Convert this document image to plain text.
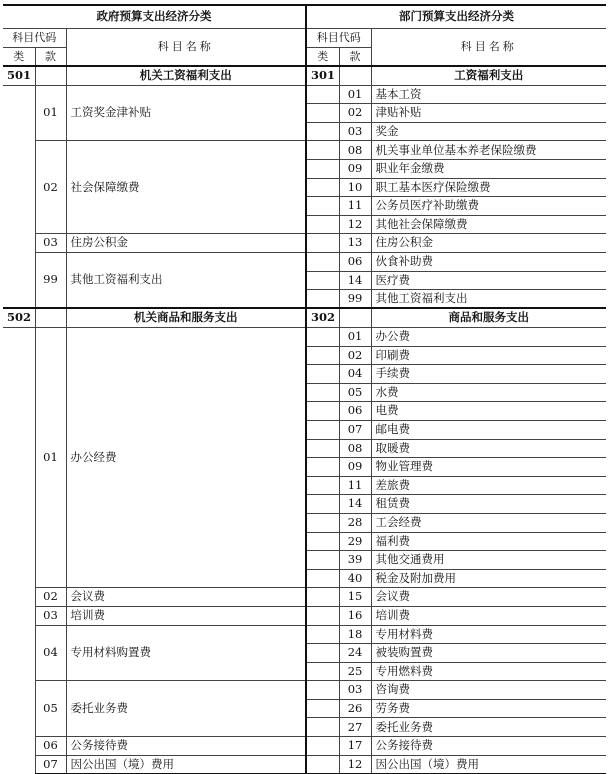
政府预算支出经济分类			部门预算支出经济分类		
科目代码		科目名称	科目代码		科目名称
类	款		类	款	
501		机关工资福利支出	301		工资福利支出
	01	工资奖金津补贴		01	基本工资
				02	津贴补贴
				03	奖金
	02	社会保障缴费		08	机关事业单位基本养老保险缴费
				09	职业年金缴费
				10	职工基本医疗保险缴费
				11	公务员医疗补助缴费
				12	其他社会保障缴费
	03	住房公积金		13	住房公积金
	99	其他工资福利支出		06	伙食补助费
				14	医疗费
				99	其他工资福利支出
502		机关商品和服务支出	302		商品和服务支出
	01	办公经费		01	办公费
				02	印刷费
				04	手续费
				05	水费
				06	电费
				07	邮电费
				08	取暖费
				09	物业管理费
				11	差旅费
				14	租赁费
				28	工会经费
				29	福利费
				39	其他交通费用
				40	税金及附加费用
	02	会议费		15	会议费
	03	培训费		16	培训费
	04	专用材料购置费		18	专用材料费
				24	被装购置费
				25	专用燃料费
	05	委托业务费		03	咨询费
				26	劳务费
				27	委托业务费
	06	公务接待费		17	公务接待费
	07	因公出国（境）费用		12	因公出国（境）费用
